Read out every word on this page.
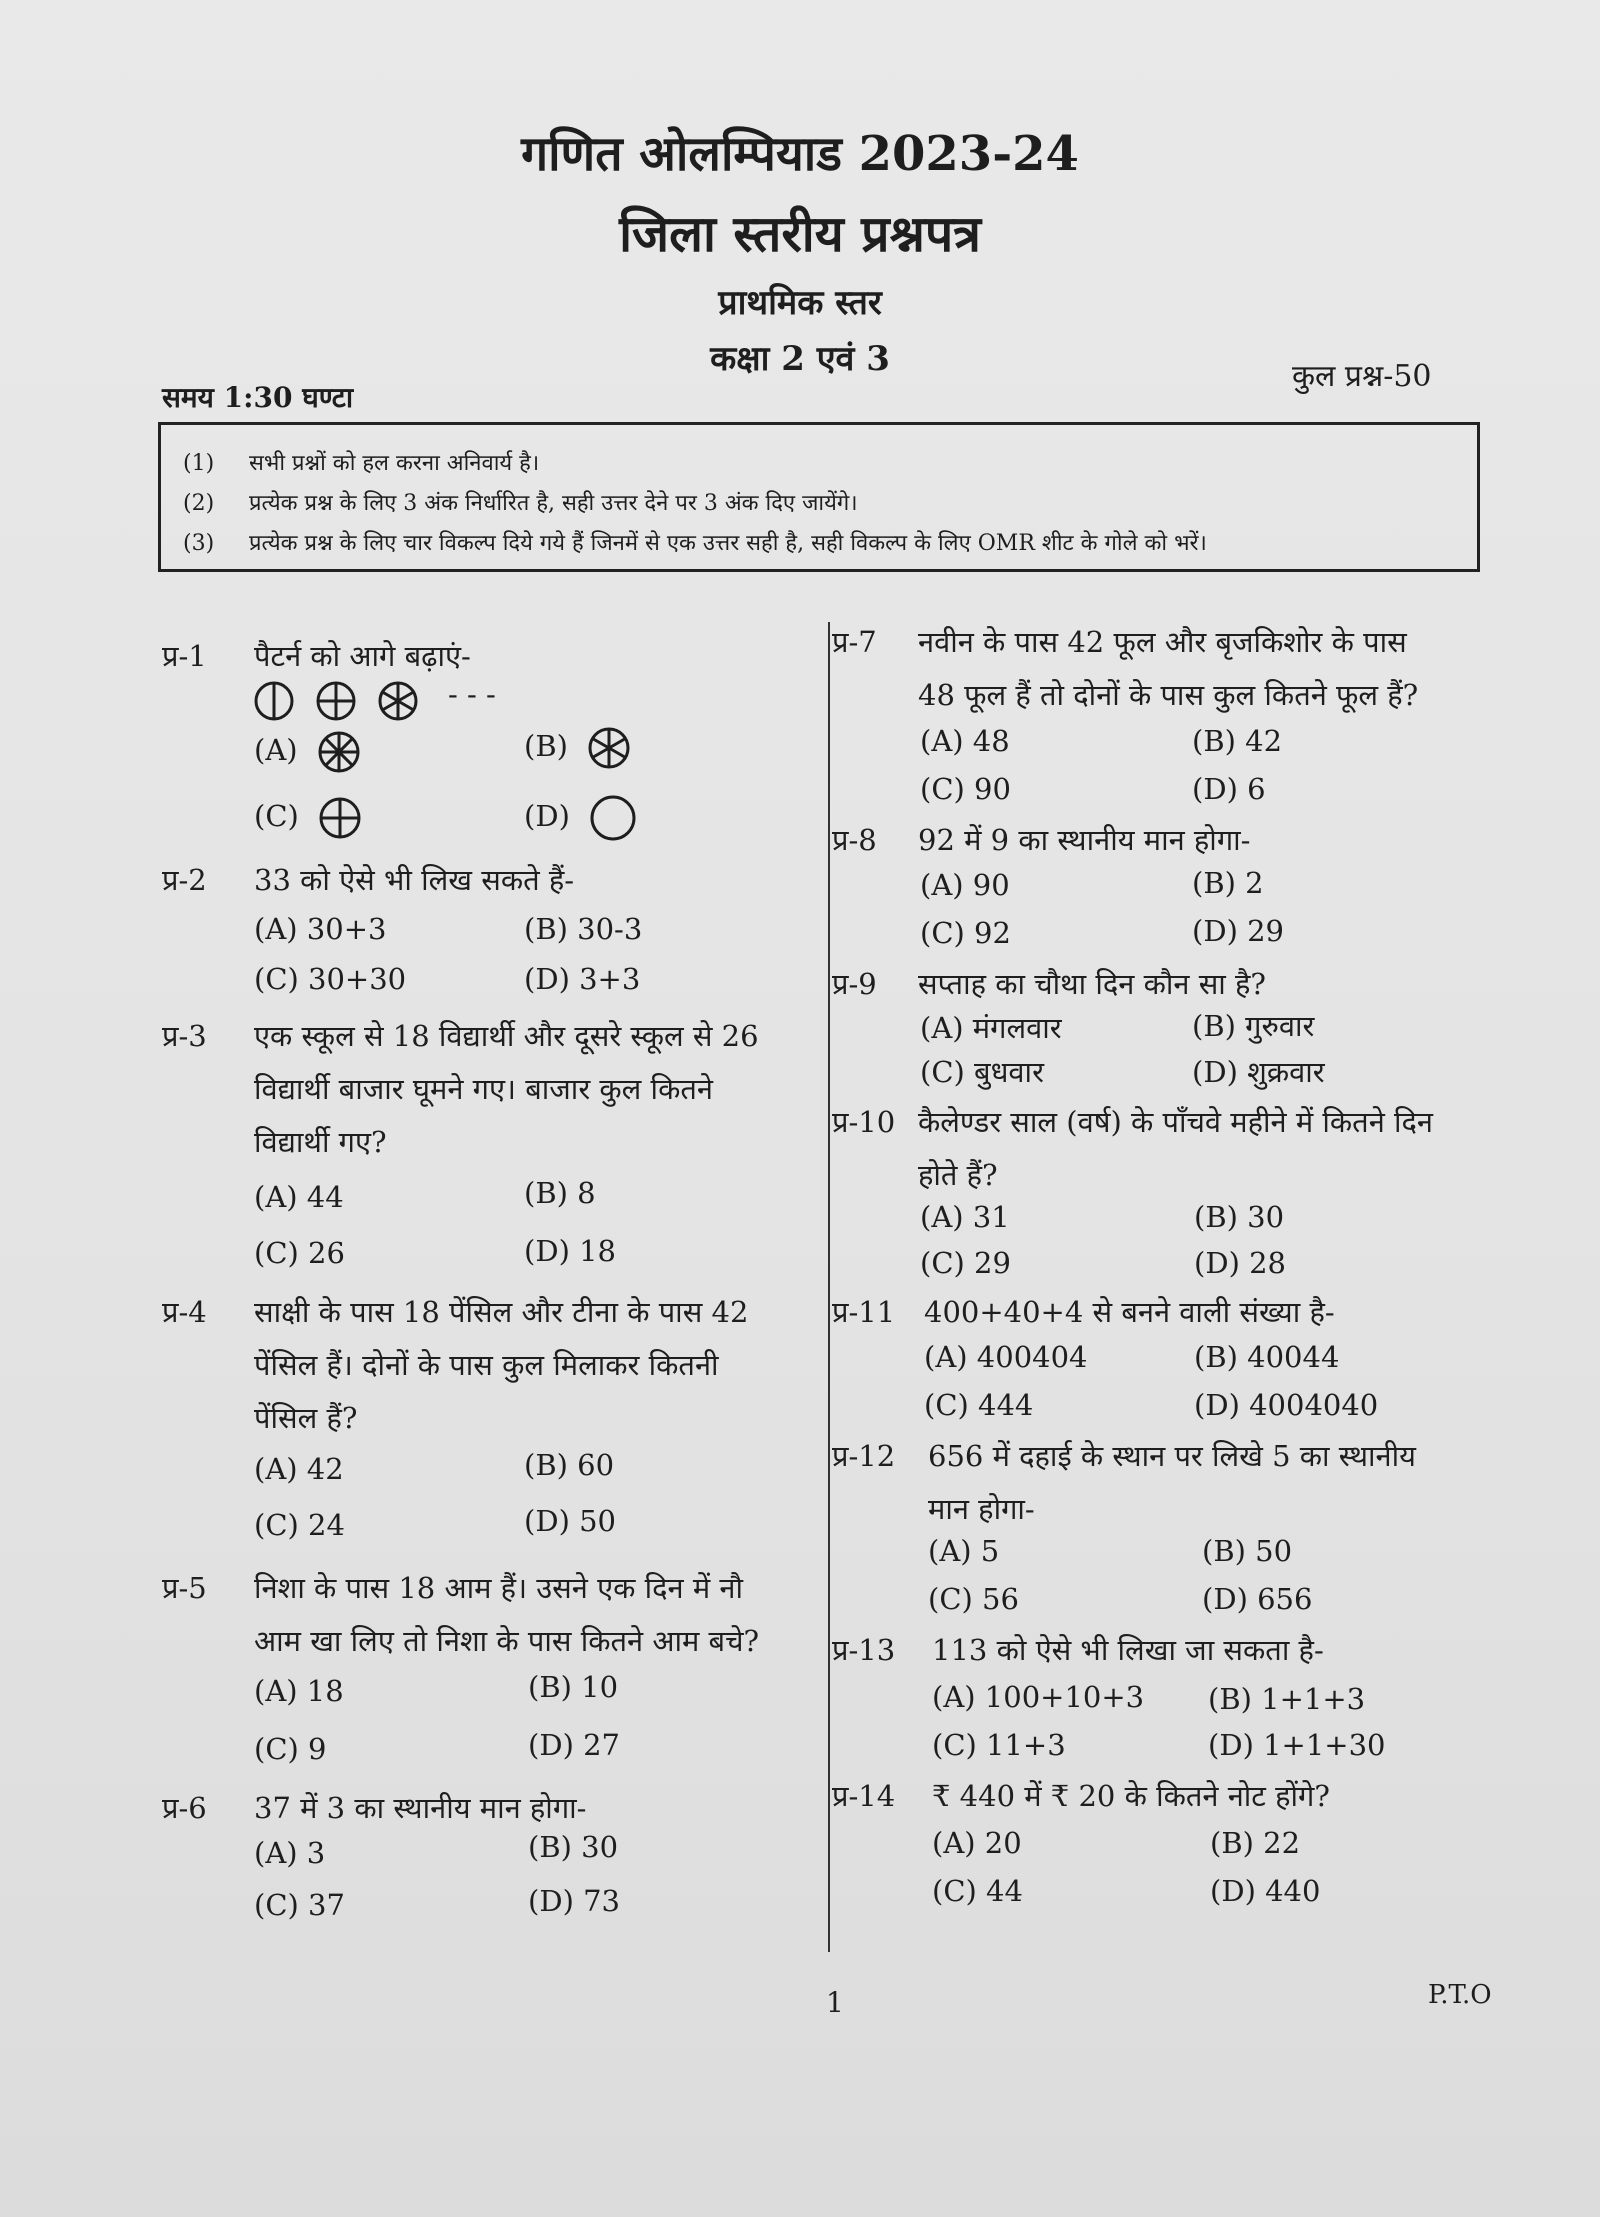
गणित ओलम्पियाड 2023-24
जिला स्तरीय प्रश्नपत्र
प्राथमिक स्तर
कक्षा 2 एवं 3
समय 1:30 घण्टा
कुल प्रश्न-50
(1) सभी प्रश्नों को हल करना अनिवार्य है।
(2) प्रत्येक प्रश्न के लिए 3 अंक निर्धारित है, सही उत्तर देने पर 3 अंक दिए जायेंगे।
(3) प्रत्येक प्रश्न के लिए चार विकल्प दिये गये हैं जिनमें से एक उत्तर सही है, सही विकल्प के लिए OMR शीट के गोले को भरें।
प्र-1 पैटर्न को आगे बढ़ाएं-
- - -
(A)	(B)
(C)	(D)
प्र-2 33 को ऐसे भी लिख सकते हैं-
(A) 30+3	(B) 30-3
(C) 30+30	(D) 3+3
प्र-3 एक स्कूल से 18 विद्यार्थी और दूसरे स्कूल से 26
विद्यार्थी बाजार घूमने गए। बाजार कुल कितने
विद्यार्थी गए?
(A) 44	(B) 8
(C) 26	(D) 18
प्र-4 साक्षी के पास 18 पेंसिल और टीना के पास 42
पेंसिल हैं। दोनों के पास कुल मिलाकर कितनी
पेंसिल हैं?
(A) 42	(B) 60
(C) 24	(D) 50
प्र-5 निशा के पास 18 आम हैं। उसने एक दिन में नौ
आम खा लिए तो निशा के पास कितने आम बचे?
(A) 18	(B) 10
(C) 9	(D) 27
प्र-6 37 में 3 का स्थानीय मान होगा-
(A) 3	(B) 30
(C) 37	(D) 73
प्र-7 नवीन के पास 42 फूल और बृजकिशोर के पास
48 फूल हैं तो दोनों के पास कुल कितने फूल हैं?
(A) 48	(B) 42
(C) 90	(D) 6
प्र-8 92 में 9 का स्थानीय मान होगा-
(A) 90	(B) 2
(C) 92	(D) 29
प्र-9 सप्ताह का चौथा दिन कौन सा है?
(A) मंगलवार	(B) गुरुवार
(C) बुधवार	(D) शुक्रवार
प्र-10 कैलेण्डर साल (वर्ष) के पाँचवे महीने में कितने दिन
होते हैं?
(A) 31	(B) 30
(C) 29	(D) 28
प्र-11 400+40+4 से बनने वाली संख्या है-
(A) 400404	(B) 40044
(C) 444	(D) 4004040
प्र-12 656 में दहाई के स्थान पर लिखे 5 का स्थानीय
मान होगा-
(A) 5	(B) 50
(C) 56	(D) 656
प्र-13 113 को ऐसे भी लिखा जा सकता है-
(A) 100+10+3 (B) 1+1+3
(C) 11+3	(D) 1+1+30
प्र-14 ₹ 440 में ₹ 20 के कितने नोट होंगे?
(A) 20	(B) 22
(C) 44	(D) 440
1	P.T.O
